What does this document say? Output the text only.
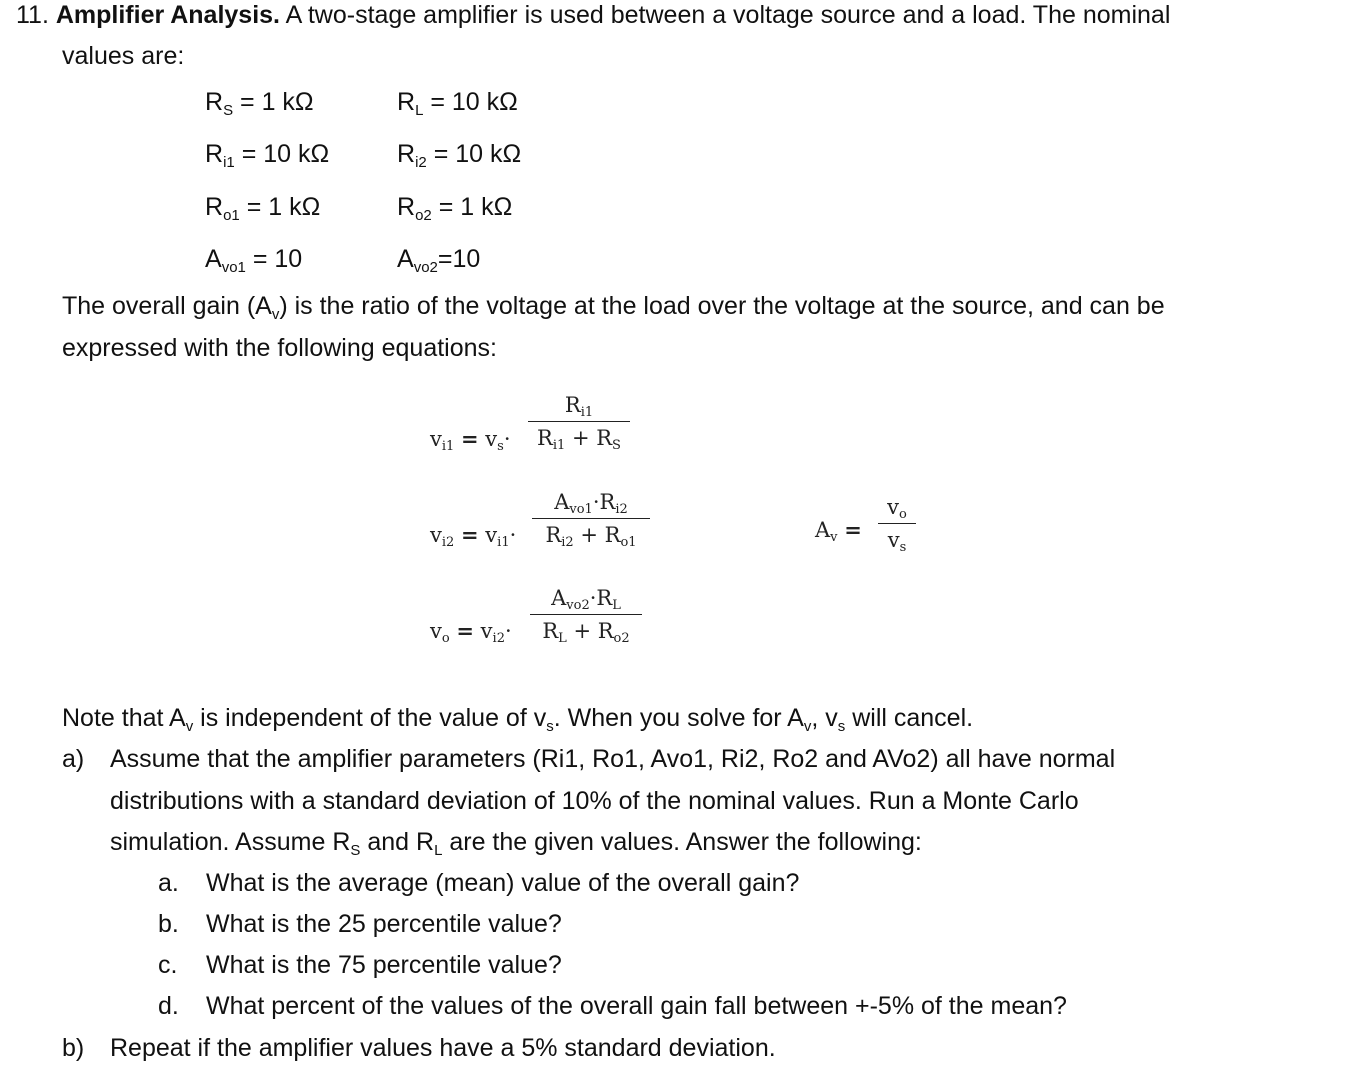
11. Amplifier Analysis. A two-stage amplifier is used between a voltage source and a load. The nominal
values are:
$R_S = 1$ kΩ	$R_L = 10$ kΩ
$R_{i1} = 10$ kΩ	$R_{i2} = 10$ kΩ
$R_{o1} = 1$ kΩ	$R_{o2} = 1$ kΩ
$A_{vo1} = 10$	$A_{vo2}=10$
The overall gain $(A_v)$ is the ratio of the voltage at the load over the voltage at the source, and can be
expressed with the following equations:
$v_{i1} = v_s\cdot$
$R_{i1}$
$R_{i1} + R_S$
$v_{i2} = v_{i1}\cdot$
$A_{vo1}\cdot R_{i2}$
$R_{i2} + R_{o1}$
$v_o = v_{i2}\cdot$
$A_{vo2}\cdot R_L$
$R_L + R_{o2}$
$A_v$ =
$v_o$
$v_s$
Note that $A_v$ is independent of the value of $v_s$. When you solve for $A_v$, $v_s$ will cancel.
a) Assume that the amplifier parameters (Ri1, Ro1, Avo1, Ri2, Ro2 and AVo2) all have normal
distributions with a standard deviation of 10% of the nominal values. Run a Monte Carlo
simulation. Assume $R_S$ and $R_L$ are the given values. Answer the following:
a. What is the average (mean) value of the overall gain?
b. What is the 25 percentile value?
c. What is the 75 percentile value?
d. What percent of the values of the overall gain fall between +-5% of the mean?
b) Repeat if the amplifier values have a 5% standard deviation.
